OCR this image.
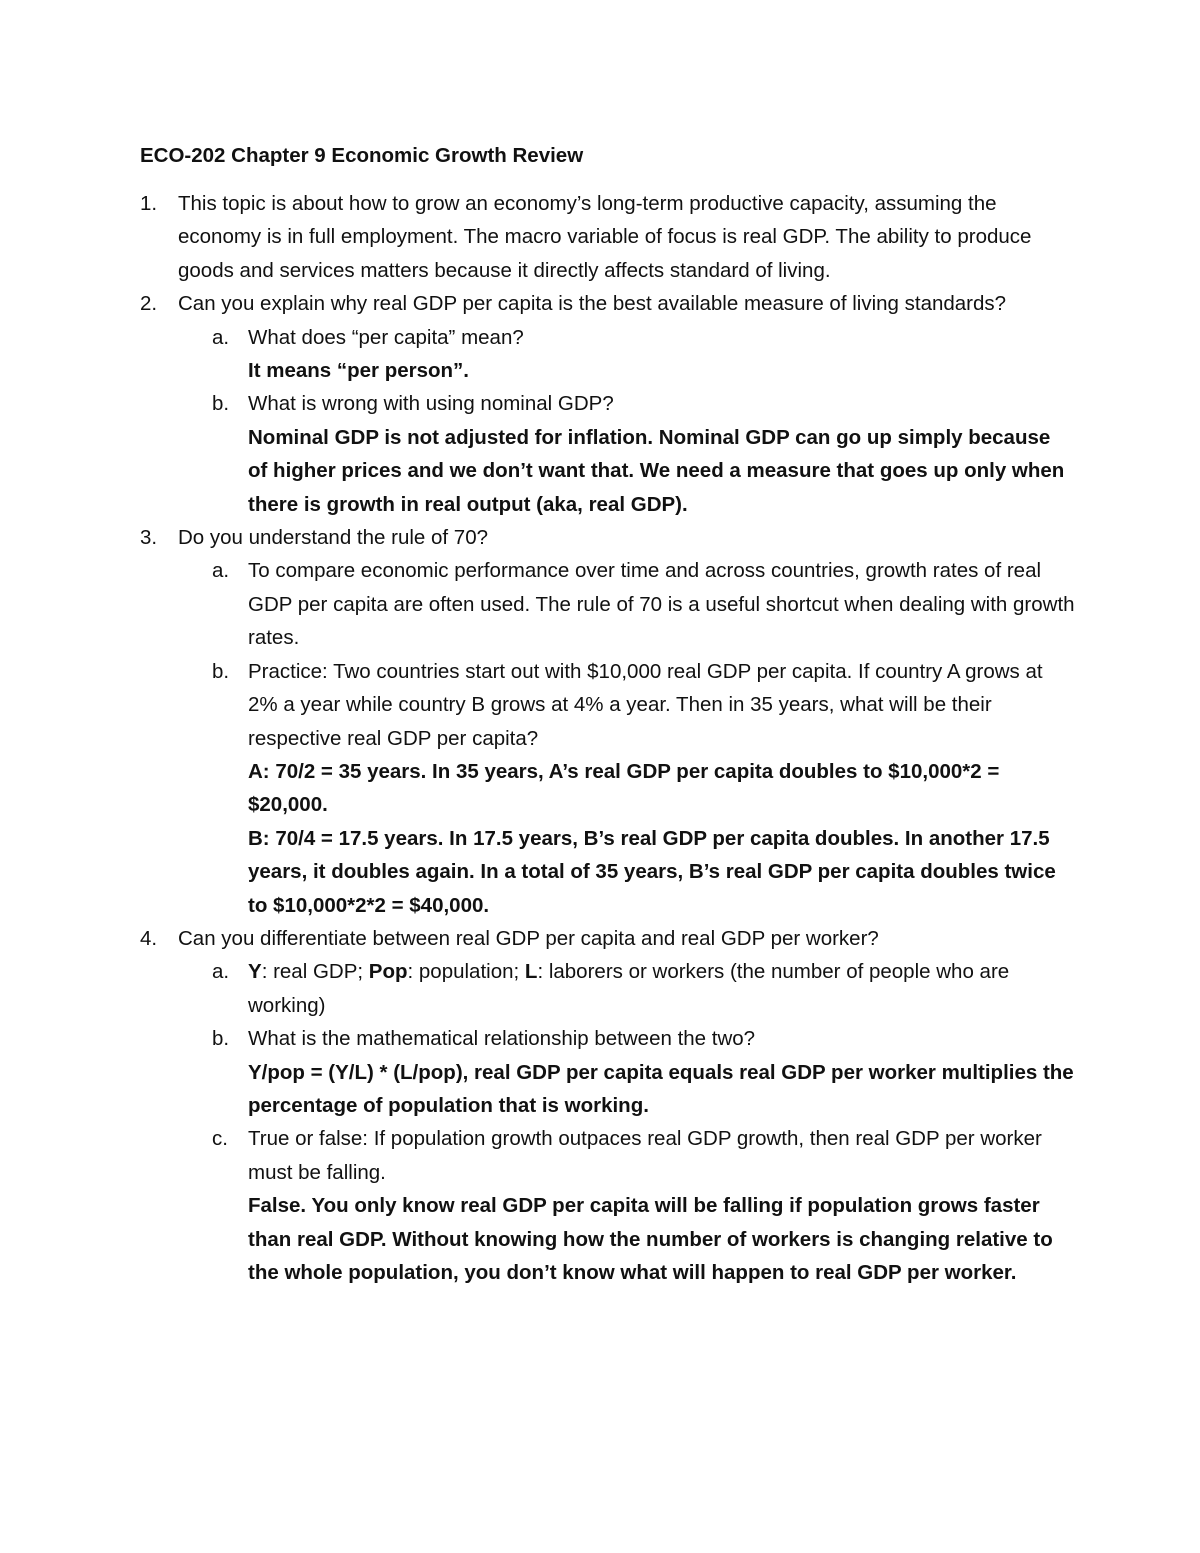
ECO-202 Chapter 9 Economic Growth Review
1. This topic is about how to grow an economy’s long-term productive capacity, assuming the economy is in full employment. The macro variable of focus is real GDP. The ability to produce goods and services matters because it directly affects standard of living.
2. Can you explain why real GDP per capita is the best available measure of living standards?
a. What does “per capita” mean?
It means “per person”.
b. What is wrong with using nominal GDP?
Nominal GDP is not adjusted for inflation. Nominal GDP can go up simply because of higher prices and we don’t want that. We need a measure that goes up only when there is growth in real output (aka, real GDP).
3. Do you understand the rule of 70?
a. To compare economic performance over time and across countries, growth rates of real GDP per capita are often used. The rule of 70 is a useful shortcut when dealing with growth rates.
b. Practice: Two countries start out with $10,000 real GDP per capita. If country A grows at 2% a year while country B grows at 4% a year. Then in 35 years, what will be their respective real GDP per capita?
A: 70/2 = 35 years. In 35 years, A’s real GDP per capita doubles to $10,000*2 = $20,000.
B: 70/4 = 17.5 years. In 17.5 years, B’s real GDP per capita doubles. In another 17.5 years, it doubles again. In a total of 35 years, B’s real GDP per capita doubles twice to $10,000*2*2 = $40,000.
4. Can you differentiate between real GDP per capita and real GDP per worker?
a. Y: real GDP; Pop: population; L: laborers or workers (the number of people who are working)
b. What is the mathematical relationship between the two?
Y/pop = (Y/L) * (L/pop), real GDP per capita equals real GDP per worker multiplies the percentage of population that is working.
c. True or false: If population growth outpaces real GDP growth, then real GDP per worker must be falling.
False. You only know real GDP per capita will be falling if population grows faster than real GDP. Without knowing how the number of workers is changing relative to the whole population, you don’t know what will happen to real GDP per worker.
